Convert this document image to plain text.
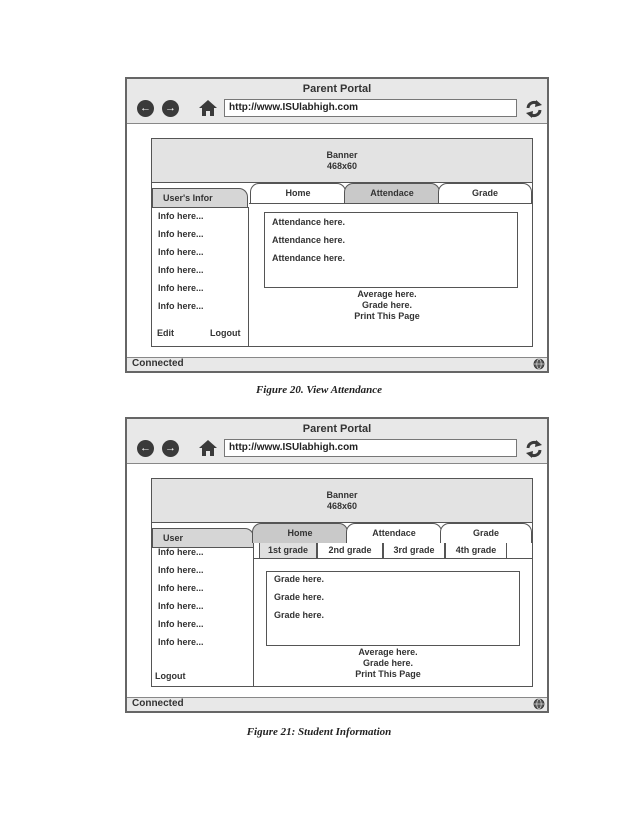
Parent Portal
← →	http://www.ISUlabhigh.com
Banner
468x60
User's Infor	Home	Attendace	Grade
Info here...
Info here...
Info here...
Info here...
Info here...
Info here...
Edit	Logout
Attendance here.
Attendance here.
Attendance here.
Average here.
Grade here.
Print This Page
Connected
Figure 20. View Attendance
Parent Portal
← →	http://www.ISUlabhigh.com
Banner
468x60
User	Home	Attendace	Grade
Info here...
Info here...
Info here...
Info here...
Info here...
Info here...
Logout
1st grade	2nd grade	3rd grade	4th grade
Grade here.
Grade here.
Grade here.
Average here.
Grade here.
Print This Page
Connected
Figure 21: Student Information
